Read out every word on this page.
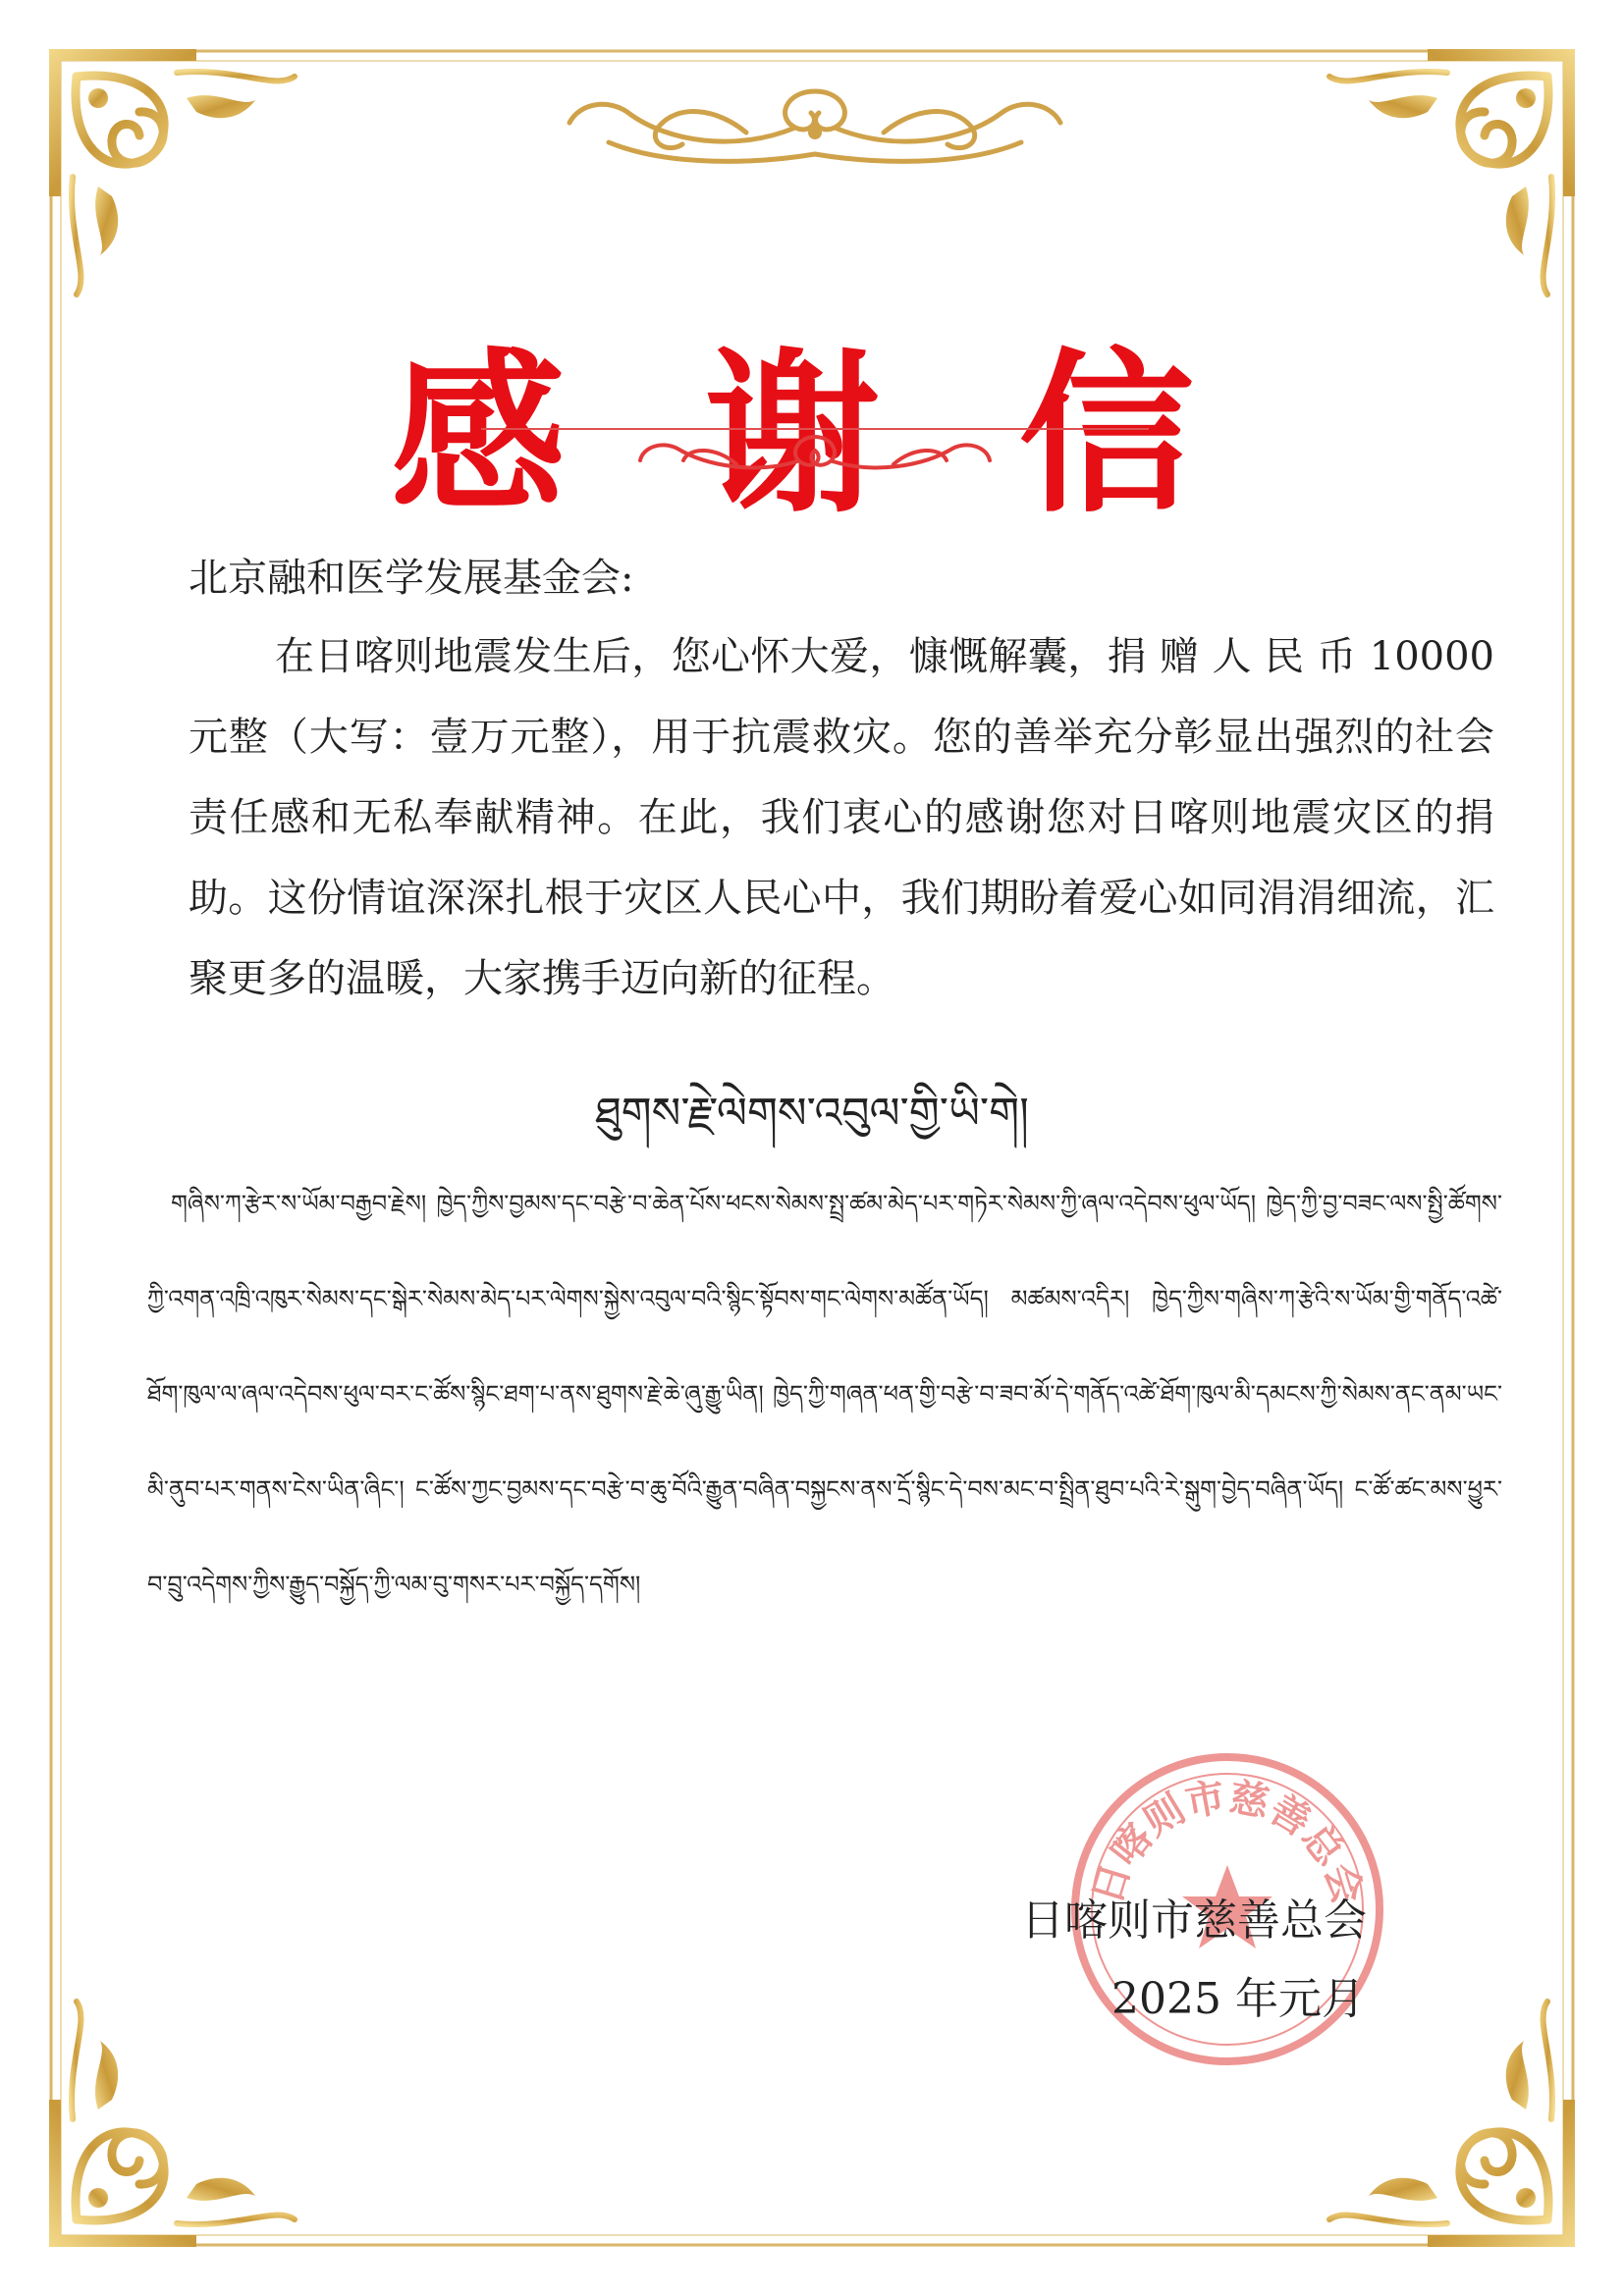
感 谢 信
北京融和医学发展基金会:
在日喀则地震发生后，您心怀大爱，慷慨解囊，捐 赠 人 民 币 10000元整（大写：壹万元整），用于抗震救灾。您的善举充分彰显出强烈的社会责任感和无私奉献精神。在此，我们衷心的感谢您对日喀则地震灾区的捐助。这份情谊深深扎根于灾区人民心中，我们期盼着爱心如同涓涓细流，汇聚更多的温暖，大家携手迈向新的征程。
ཐུགས་རྗེ་ལེགས་འབུལ་གྱི་ཡི་གེ།
གཞིས་ཀ་རྩེར་ས་ཡོམ་བརྒྱབ་རྗེས། ཁྱེད་ཀྱིས་བྱམས་དང་བརྩེ་བ་ཆེན་པོས་ཕངས་སེམས་སྤྲ་ཚམ་མེད་པར་གཏེར་སེམས་ཀྱི་ཞལ་འདེབས་ཕུལ་ཡོད། ཁྱེད་ཀྱི་བྱ་བཟང་ལས་སྤྱི་ཚོགས་ཀྱི་འགན་འཁྲི་འཁུར་སེམས་དང་སྒེར་སེམས་མེད་པར་ལེགས་སྐྱེས་འབུལ་བའི་སྙིང་སྟོབས་གང་ལེགས་མཚོན་ཡོད། མཚམས་འདིར། ཁྱེད་ཀྱིས་གཞིས་ཀ་རྩེའི་ས་ཡོམ་གྱི་གནོད་འཚེ་ཐོག་ཁུལ་ལ་ཞལ་འདེབས་ཕུལ་བར་ང་ཚོས་སྙིང་ཐག་པ་ནས་ཐུགས་རྗེ་ཆེ་ཞུ་རྒྱུ་ཡིན། ཁྱེད་ཀྱི་གཞན་ཕན་གྱི་བརྩེ་བ་ཟབ་མོ་དེ་གནོད་འཚེ་ཐོག་ཁུལ་མི་དམངས་ཀྱི་སེམས་ནང་ནམ་ཡང་མི་ནུབ་པར་གནས་ངེས་ཡིན་ཞིང་། ང་ཚོས་ཀྱང་བྱམས་དང་བརྩེ་བ་ཆུ་བོའི་རྒྱུན་བཞིན་བསྐྱངས་ནས་དྲོ་སྙིང་དེ་བས་མང་བ་སྤྲིན་ཐུབ་པའི་རེ་སྒུག་བྱེད་བཞིན་ཡོད། ང་ཚོ་ཚང་མས་ཕྱུར་བ་བྲུ་འདེགས་ཀྱིས་རྒྱུད་བསྐྱོད་ཀྱི་ལམ་བུ་གསར་པར་བསྐྱོད་དགོས།
日喀则市慈善总会
日喀则市慈善总会
2025 年元月
